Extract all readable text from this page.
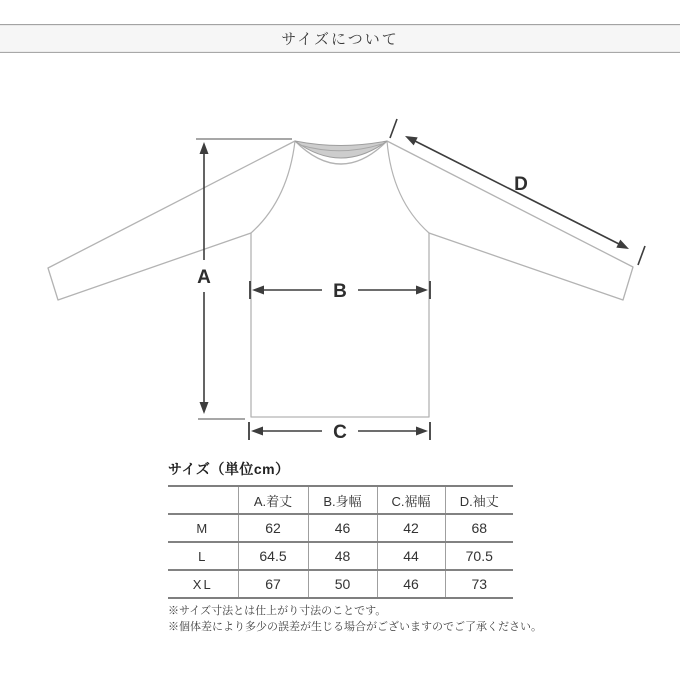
サイズについて
A
B
C
D
サイズ（単位cm）
	A.着丈	B.身幅	C.裾幅	D.袖丈
M	62	46	42	68
L	64.5	48	44	70.5
XL	67	50	46	73
※サイズ寸法とは仕上がり寸法のことです。
※個体差により多少の誤差が生じる場合がございますのでご了承ください。
